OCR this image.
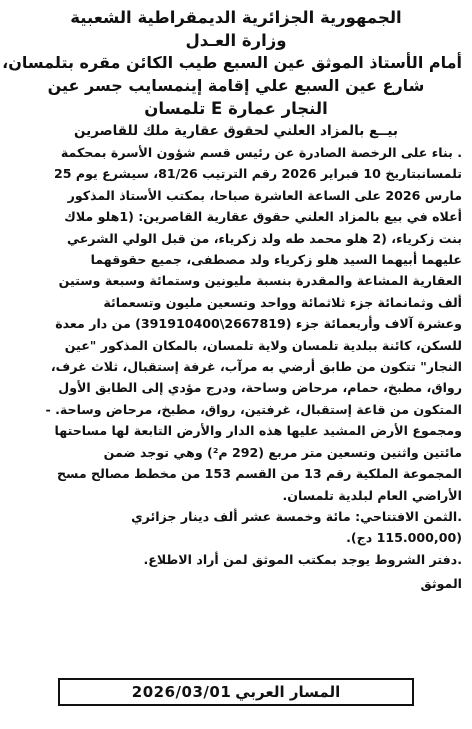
الجمهورية الجزائرية الديمقراطية الشعبية

وزارة العـدل

أمام الأستاذ الموثق عين السبع طيب الكائن مقره بتلمسان،

شارع عين السبع علي إقامة إينمسايب جسر عين

النجار عمارة E تلمسان

بيــع بالمزاد العلني لحقوق عقارية ملك للقاصرين

. بناء على الرخصة الصادرة عن رئيس قسم شؤون الأسرة بمحكمة

تلمسانبتاريخ 10 فبراير 2026 رقم الترتيب 81/26، سيشرع يوم 25

مارس 2026 على الساعة العاشرة صباحا، بمكتب الأستاذ المذكور

أعلاه في بيع بالمزاد العلني حقوق عقارية القاصرين: (1هلو ملاك

بنت زكرياء، (2 هلو محمد طه ولد زكرياء، من قبل الولي الشرعي

عليهما أبيهما السيد هلو زكرياء ولد مصطفى، جميع حقوقهما

العقارية المشاعة والمقدرة بنسبة مليونين وستمائة وسبعة وستين

ألف وثمانمائة جزء ثلاثمائة وواحد وتسعين مليون وتسعمائة

وعشرة آلاف وأربعمائة جزء (2667819\391910400) من دار معدة

للسكن، كائنة ببلدية تلمسان ولاية تلمسان، بالمكان المذكور "عين

النجار" تتكون من طابق أرضي به مرآب، غرفة إستقبال، ثلاث غرف،

رواق، مطبخ، حمام، مرحاض وساحة، ودرج مؤدي إلى الطابق الأول

المتكون من قاعة إستقبال، غرفتين، رواق، مطبخ، مرحاض وساحة. -

ومجموع الأرض المشيد عليها هذه الدار والأرض التابعة لها مساحتها

مائتين واثنين وتسعين متر مربع (292 م²) وهي توجد ضمن

المجموعة الملكية رقم 13 من القسم 153 من مخطط مصالح مسح

الأراضي العام لبلدية تلمسان.

.الثمن الافتتاحي: مائة وخمسة عشر ألف دينار جزائري

(115.000,00 دج).

.دفتر الشروط يوجد بمكتب الموثق لمن أراد الاطلاع.

الموثق

المسار العربي
2026/03/01
